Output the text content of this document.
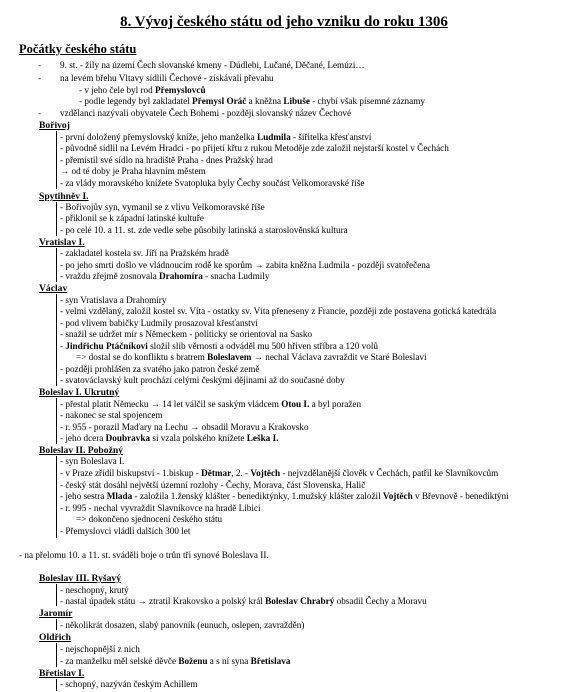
8. Vývoj českého státu od jeho vzniku do roku 1306
Počátky českého státu
- 9. st. - žily na území Čech slovanské kmeny - Dúdlebi, Lučané, Děčané, Lemúzi…
- na levém břehu Vltavy sídlili Čechové - získávali převahu
- v jeho čele byl rod Přemyslovců
- podle legendy byl zakladatel Přemysl Oráč a kněžna Libuše - chybí však písemné záznamy
- vzdělanci nazývali obyvatele Čech Bohemi - později slovanský název Čechové
Bořivoj
- první doložený přemyslovský kníže, jeho manželka Ludmila - šiřitelka křesťanství
- původně sídlil na Levém Hradci - po přijetí křtu z rukou Metoděje zde založil nejstarší kostel v Čechách
- přemístil své sídlo na hradiště Praha - dnes Pražský hrad
→ od té doby je Praha hlavním městem
- za vlády moravského knížete Svatopluka byly Čechy součást Velkomoravské říše
Spytihněv I.
- Bořivojův syn, vymanil se z vlivu Velkomoravské říše
- přiklonil se k západní latinské kultuře
- po celé 10. a 11. st. zde vedle sebe působily latinská a staroslověnská kultura
Vratislav I.
- zakladatel kostela sv. Jiří na Pražském hradě
- po jeho smrti došlo ve vládnoucím rodě ke sporům → zabita kněžna Ludmila - později svatořečena
- vraždu zřejmě zosnovala Drahomíra - snacha Ludmily
Václav
- syn Vratislava a Drahomíry
- velmi vzdělaný, založil kostel sv. Víta - ostatky sv. Víta přeneseny z Francie, později zde postavena gotická katedrála
- pod vlivem babičky Ludmily prosazoval křesťanství
- snažil se udržet mír s Německem - politicky se orientoval na Sasko
- Jindřichu Ptáčníkovi složil slib věrnosti a odváděl mu 500 hřiven stříbra a 120 volů
=> dostal se do konfliktu s bratrem Boleslavem → nechal Václava zavraždit ve Staré Boleslavi
- později prohlášen za svatého jako patron české země
- svatováclavský kult prochází celými českými dějinami až do současné doby
Boleslav I. Ukrutný
- přestal platit Německu → 14 let válčil se saským vládcem Otou I. a byl poražen
- nakonec se stal spojencem
- r. 955 - porazil Maďary na Lechu → obsadil Moravu a Krakovsko
- jeho dcera Doubravka si vzala polského knížete Leška I.
Boleslav II. Pobožný
- syn Boleslava I.
- v Praze zřídil biskupství - 1.biskup - Dětmar, 2. - Vojtěch - nejvzdělanější člověk v Čechách, patřil ke Slavníkovcům
- český stát dosáhl největší územní rozlohy - Čechy, Morava, část Slovenska, Halič
- jeho sestra Mlada - založila 1.ženský klášter - benediktýnky, 1.mužský klášter založil Vojtěch v Břevnově - benediktýni
- r. 995 - nechal vyvraždit Slavníkovce na hradě Libici
=> dokončeno sjednocení českého státu
- Přemyslovci vládli dalších 300 let
- na přelomu 10. a 11. st. sváděli boje o trůn tři synové Boleslava II.
Boleslav III. Ryšavý
- neschopný, krutý
- nastal úpadek státu → ztratil Krakovsko a polský král Boleslav Chrabrý obsadil Čechy a Moravu
Jaromír
- několikrát dosazen, slabý panovník (eunuch, oslepen, zavražděn)
Oldřich
- nejschopnější z nich
- za manželku měl selské děvče Boženu a s ní syna Břetislava
Břetislav I.
- schopný, nazýván českým Achillem
